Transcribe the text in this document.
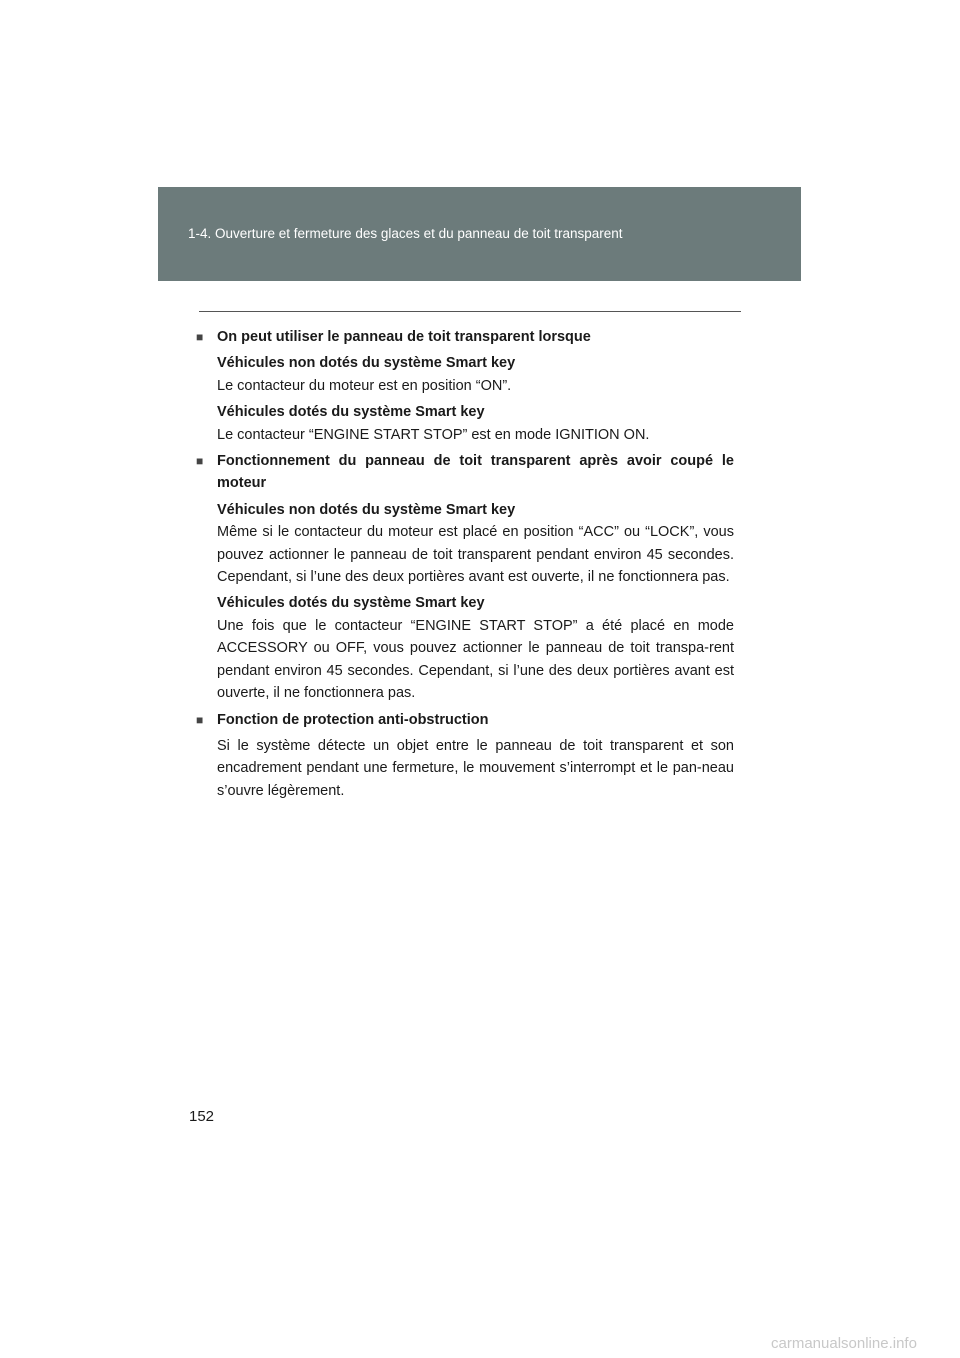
1-4. Ouverture et fermeture des glaces et du panneau de toit transparent
■ On peut utiliser le panneau de toit transparent lorsque
Véhicules non dotés du système Smart key
Le contacteur du moteur est en position “ON”.
Véhicules dotés du système Smart key
Le contacteur “ENGINE START STOP” est en mode IGNITION ON.
■ Fonctionnement du panneau de toit transparent après avoir coupé le moteur
Véhicules non dotés du système Smart key
Même si le contacteur du moteur est placé en position “ACC” ou “LOCK”, vous pouvez actionner le panneau de toit transparent pendant environ 45 secondes. Cependant, si l’une des deux portières avant est ouverte, il ne fonctionnera pas.
Véhicules dotés du système Smart key
Une fois que le contacteur “ENGINE START STOP” a été placé en mode ACCESSORY ou OFF, vous pouvez actionner le panneau de toit transpa-rent pendant environ 45 secondes. Cependant, si l’une des deux portières avant est ouverte, il ne fonctionnera pas.
■ Fonction de protection anti-obstruction
Si le système détecte un objet entre le panneau de toit transparent et son encadrement pendant une fermeture, le mouvement s’interrompt et le pan-neau s’ouvre légèrement.
152
carmanualsonline.info
